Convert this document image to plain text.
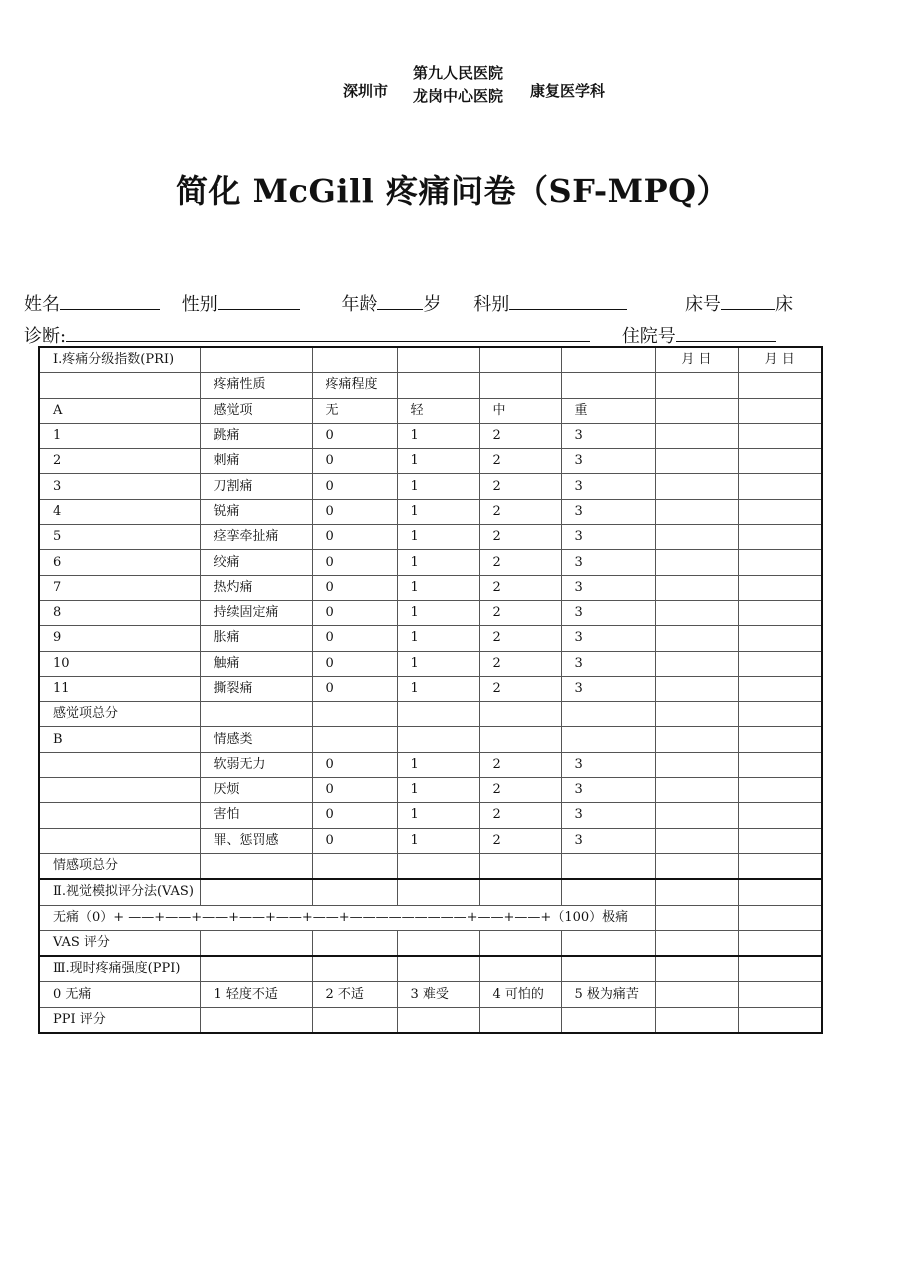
深圳市
第九人民医院
龙岗中心医院 康复医学科
简化 McGill 疼痛问卷（SF-MPQ）
姓名	性别	年龄	岁 科别	床号	床
诊断:	住院号
Ⅰ.疼痛分级指数(PRI)						月 日	月 日
	疼痛性质	疼痛程度					
A	感觉项	无	轻	中	重		
1	跳痛	0	1	2	3		
2	刺痛	0	1	2	3		
3	刀割痛	0	1	2	3		
4	锐痛	0	1	2	3		
5	痉挛牵扯痛	0	1	2	3		
6	绞痛	0	1	2	3		
7	热灼痛	0	1	2	3		
8	持续固定痛	0	1	2	3		
9	胀痛	0	1	2	3		
10	触痛	0	1	2	3		
11	撕裂痛	0	1	2	3		
感觉项总分							
B	情感类						
	软弱无力	0	1	2	3		
	厌烦	0	1	2	3		
	害怕	0	1	2	3		
	罪、惩罚感	0	1	2	3		
情感项总分							
Ⅱ.视觉模拟评分法(VAS)							
无痛（0）+ ——+——+——+——+——+——+—————————+——+——+（100）极痛							
VAS 评分							
Ⅲ.现时疼痛强度(PPI)							
0 无痛	1 轻度不适	2 不适	3 难受	4 可怕的	5 极为痛苦		
PPI 评分							
